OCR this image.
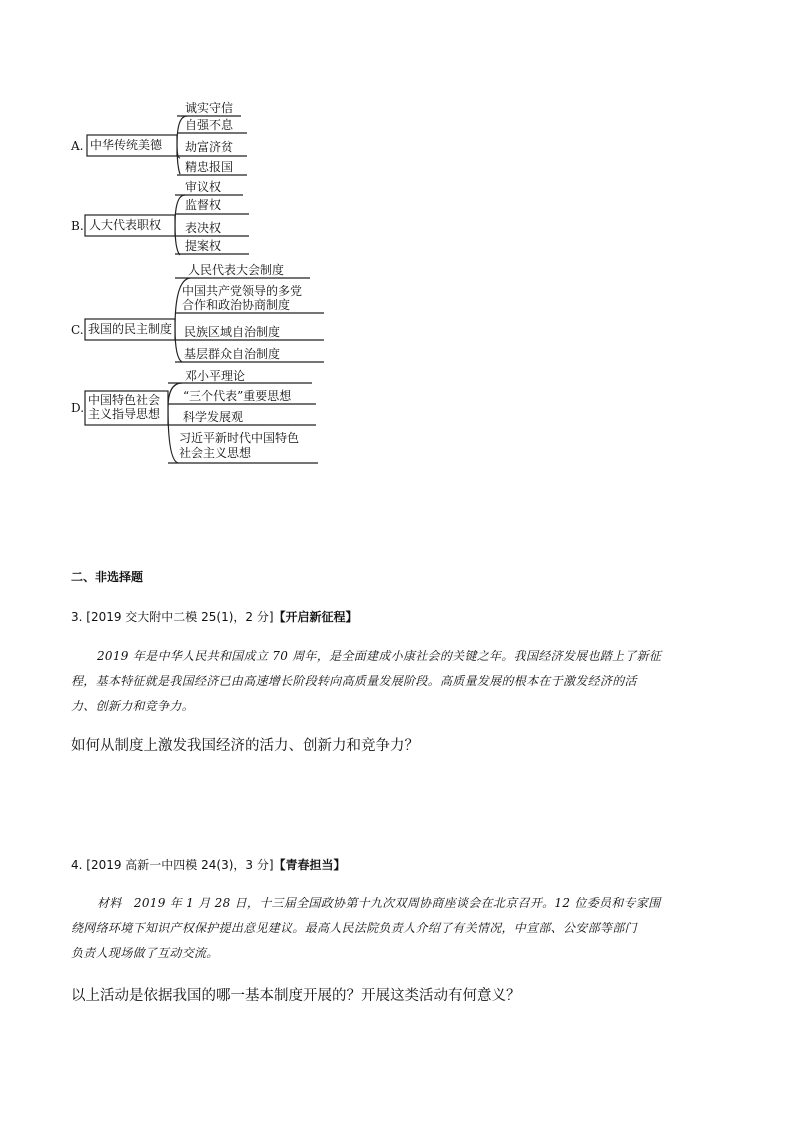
A. 中华传统美德
诚实守信
自强不息
劫富济贫
精忠报国
B. 人大代表职权
审议权
监督权
表决权
提案权
C. 我国的民主制度
人民代表大会制度
中国共产党领导的多党
合作和政治协商制度
民族区域自治制度
基层群众自治制度
D.
中国特色社会
主义指导思想
邓小平理论
“三个代表”重要思想
科学发展观
习近平新时代中国特色
社会主义思想
二、非选择题
3. [2019 交大附中二模 25(1)，2 分]【开启新征程】
2019 年是中华人民共和国成立 70 周年，是全面建成小康社会的关键之年。我国经济发展也踏上了新征
程，基本特征就是我国经济已由高速增长阶段转向高质量发展阶段。高质量发展的根本在于激发经济的活
力、创新力和竞争力。
如何从制度上激发我国经济的活力、创新力和竞争力？
4. [2019 高新一中四模 24(3)，3 分]【青春担当】
材料　2019 年 1 月 28 日，十三届全国政协第十九次双周协商座谈会在北京召开。12 位委员和专家围
绕网络环境下知识产权保护提出意见建议。最高人民法院负责人介绍了有关情况，中宣部、公安部等部门
负责人现场做了互动交流。
以上活动是依据我国的哪一基本制度开展的？开展这类活动有何意义？
